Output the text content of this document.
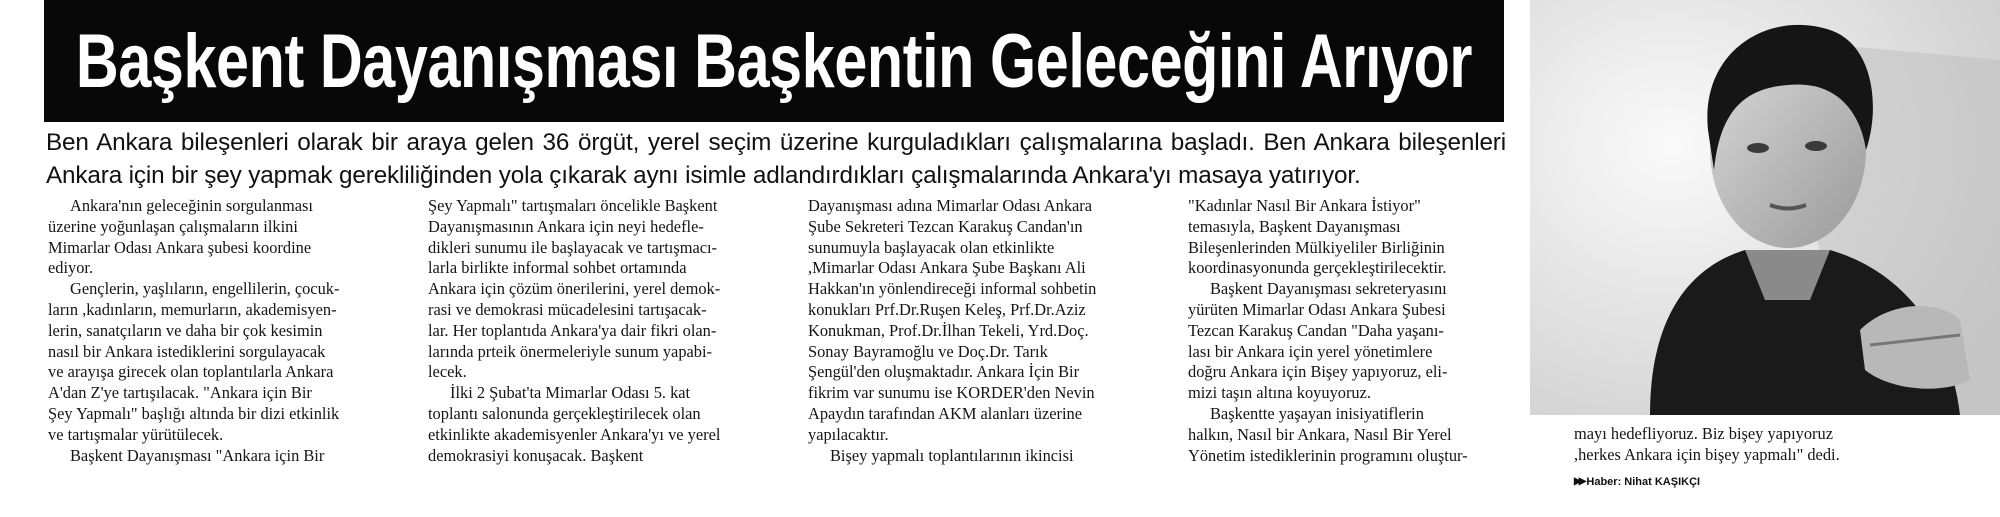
Başkent Dayanışması Başkentin Geleceğini Arıyor

Ben Ankara bileşenleri olarak bir araya gelen 36 örgüt, yerel seçim üzerine kurguladıkları çalışmalarına başladı. Ben Ankara bileşenleri Ankara için bir şey yapmak gerekliliğinden yola çıkarak aynı isimle adlandırdıkları çalışmalarında Ankara'yı masaya yatırıyor.

Ankara'nın geleceğinin sorgulanması

üzerine yoğunlaşan çalışmaların ilkini

Mimarlar Odası Ankara şubesi koordine

ediyor.

Gençlerin, yaşlıların, engellilerin, çocuk-

ların ,kadınların, memurların, akademisyen-

lerin, sanatçıların ve daha bir çok kesimin

nasıl bir Ankara istediklerini sorgulayacak

ve arayışa girecek olan toplantılarla Ankara

A'dan Z'ye tartışılacak. "Ankara için Bir

Şey Yapmalı" başlığı altında bir dizi etkinlik

ve tartışmalar yürütülecek.

Başkent Dayanışması "Ankara için Bir

Şey Yapmalı" tartışmaları öncelikle Başkent

Dayanışmasının Ankara için neyi hedefle-

dikleri sunumu ile başlayacak ve tartışmacı-

larla birlikte informal sohbet ortamında

Ankara için çözüm önerilerini, yerel demok-

rasi ve demokrasi mücadelesini tartışacak-

lar. Her toplantıda Ankara'ya dair fikri olan-

larında prteik önermeleriyle sunum yapabi-

lecek.

İlki 2 Şubat'ta Mimarlar Odası 5. kat

toplantı salonunda gerçekleştirilecek olan

etkinlikte akademisyenler Ankara'yı ve yerel

demokrasiyi konuşacak. Başkent

Dayanışması adına Mimarlar Odası Ankara

Şube Sekreteri Tezcan Karakuş Candan'ın

sunumuyla başlayacak olan etkinlikte

,Mimarlar Odası Ankara Şube Başkanı Ali

Hakkan'ın yönlendireceği informal sohbetin

konukları Prf.Dr.Ruşen Keleş, Prf.Dr.Aziz

Konukman, Prof.Dr.İlhan Tekeli, Yrd.Doç.

Sonay Bayramoğlu ve Doç.Dr. Tarık

Şengül'den oluşmaktadır. Ankara İçin Bir

fikrim var sunumu ise KORDER'den Nevin

Apaydın tarafından AKM alanları üzerine

yapılacaktır.

Bişey yapmalı toplantılarının ikincisi

"Kadınlar Nasıl Bir Ankara İstiyor"

temasıyla, Başkent Dayanışması

Bileşenlerinden Mülkiyeliler Birliğinin

koordinasyonunda gerçekleştirilecektir.

Başkent Dayanışması sekreteryasını

yürüten Mimarlar Odası Ankara Şubesi

Tezcan Karakuş Candan "Daha yaşanı-

lası bir Ankara için yerel yönetimlere

doğru Ankara için Bişey yapıyoruz, eli-

mizi taşın altına koyuyoruz.

Başkentte yaşayan inisiyatiflerin

halkın, Nasıl bir Ankara, Nasıl Bir Yerel

Yönetim istediklerinin programını oluştur-

mayı hedefliyoruz. Biz bişey yapıyoruz

,herkes Ankara için bişey yapmalı" dedi.

▶▶ Haber: Nihat KAŞIKÇI
